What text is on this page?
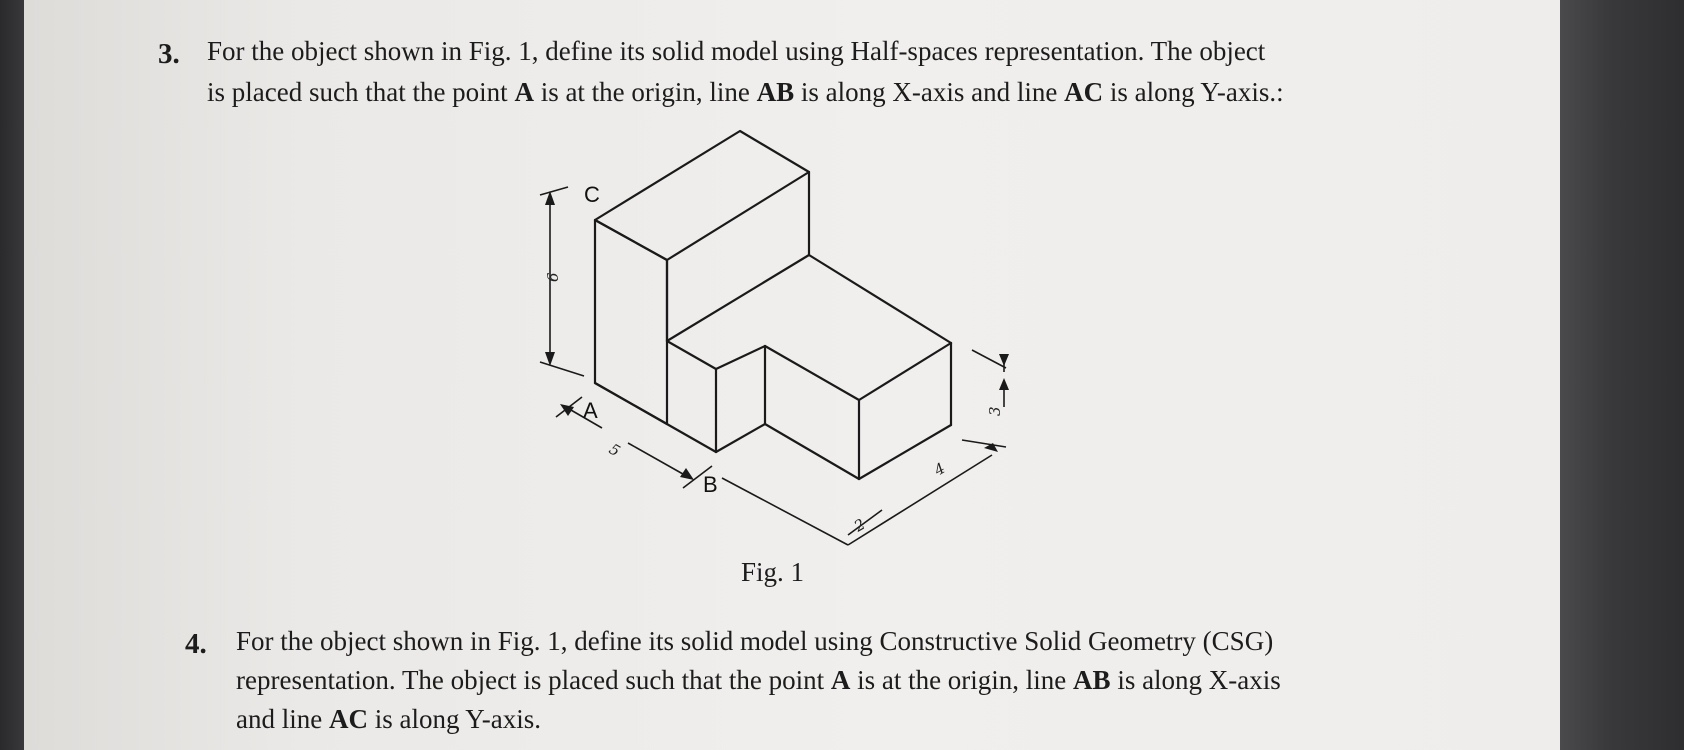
3. For the object shown in Fig. 1, define its solid model using Half-spaces representation. The object
is placed such that the point A is at the origin, line AB is along X-axis and line AC is along Y-axis.:
C
A
B
6
5
2
4
3
Fig. 1
4. For the object shown in Fig. 1, define its solid model using Constructive Solid Geometry (CSG)
representation. The object is placed such that the point A is at the origin, line AB is along X-axis
and line AC is along Y-axis.
